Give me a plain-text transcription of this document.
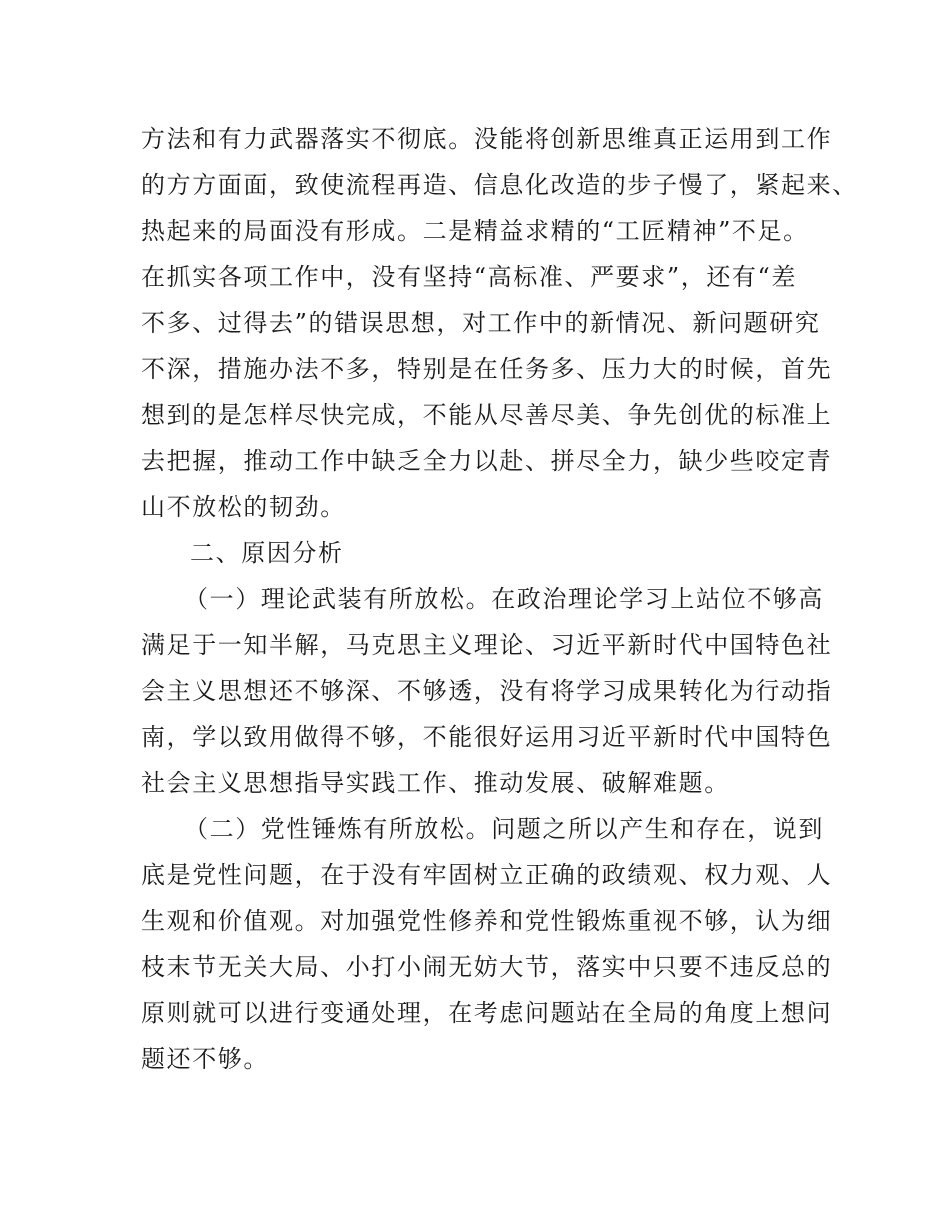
方法和有力武器落实不彻底。没能将创新思维真正运用到工作
的方方面面，致使流程再造、信息化改造的步子慢了，紧起来、
热起来的局面没有形成。二是精益求精的“工匠精神”不足。
在抓实各项工作中，没有坚持“高标准、严要求”，还有“差
不多、过得去”的错误思想，对工作中的新情况、新问题研究
不深，措施办法不多，特别是在任务多、压力大的时候，首先
想到的是怎样尽快完成，不能从尽善尽美、争先创优的标准上
去把握，推动工作中缺乏全力以赴、拼尽全力，缺少些咬定青
山不放松的韧劲。
二、原因分析
（一）理论武装有所放松。在政治理论学习上站位不够高
满足于一知半解，马克思主义理论、习近平新时代中国特色社
会主义思想还不够深、不够透，没有将学习成果转化为行动指
南，学以致用做得不够，不能很好运用习近平新时代中国特色
社会主义思想指导实践工作、推动发展、破解难题。
（二）党性锤炼有所放松。问题之所以产生和存在，说到
底是党性问题，在于没有牢固树立正确的政绩观、权力观、人
生观和价值观。对加强党性修养和党性锻炼重视不够，认为细
枝末节无关大局、小打小闹无妨大节，落实中只要不违反总的
原则就可以进行变通处理，在考虑问题站在全局的角度上想问
题还不够。
